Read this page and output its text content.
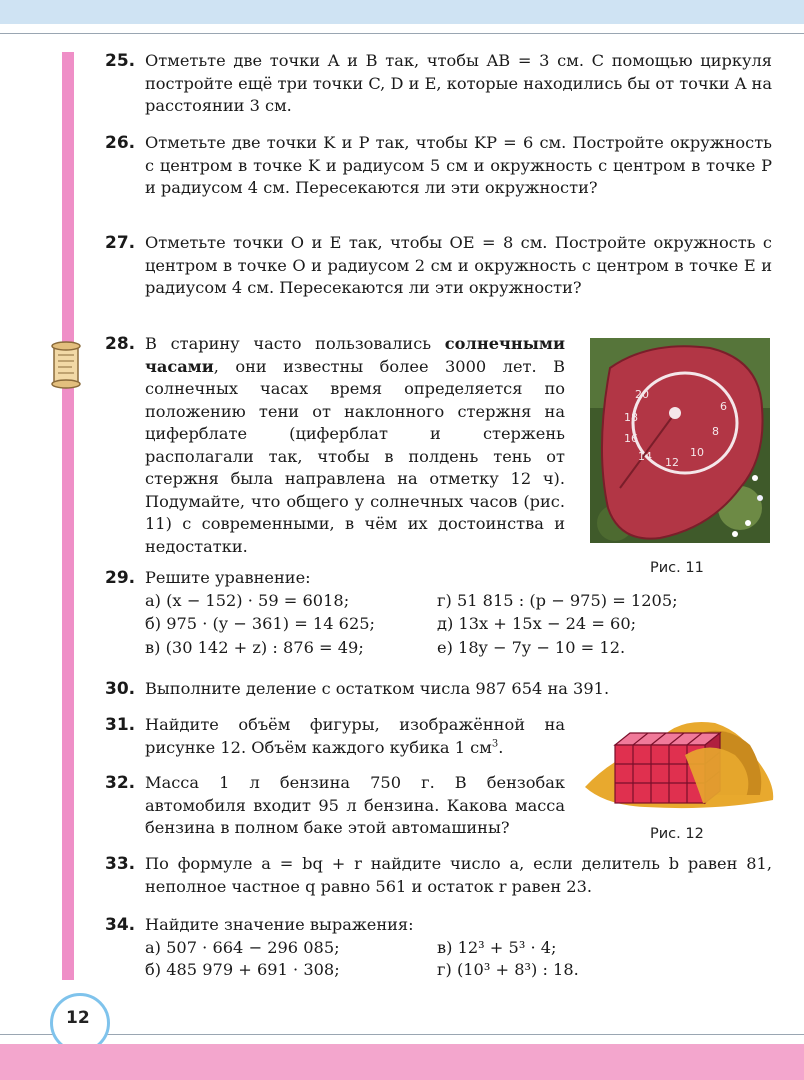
25. Отметьте две точки A и B так, чтобы AB = 3 см. С помощью циркуля постройте ещё три точки C, D и E, которые находились бы от точки A на расстоянии 3 см.
26. Отметьте две точки K и P так, чтобы KP = 6 см. Постройте окружность с центром в точке K и радиусом 5 см и окружность с центром в точке P и радиусом 4 см. Пересекаются ли эти окружности?
27. Отметьте точки O и E так, чтобы OE = 8 см. Постройте окружность с центром в точке O и радиусом 2 см и окружность с центром в точке E и радиусом 4 см. Пересекаются ли эти окружности?
28. В старину часто пользовались солнечными часами, они известны более 3000 лет. В солнечных часах время определяется по положению тени от наклонного стержня на циферблате (циферблат и стержень располагали так, чтобы в полдень тень от стержня была направлена на отметку 12 ч). Подумайте, что общего у солнечных часов (рис. 11) с современными, в чём их достоинства и недостатки.
20
18
16
14 12
10
8
6
Рис. 11
29. Решите уравнение:
а) (x − 152) · 59 = 6018;	г) 51 815 : (p − 975) = 1205;
б) 975 · (y − 361) = 14 625;	д) 13x + 15x − 24 = 60;
в) (30 142 + z) : 876 = 49;	е) 18y − 7y − 10 = 12.
30. Выполните деление с остатком числа 987 654 на 391.
31. Найдите объём фигуры, изображённой на рисунке 12. Объём каждого кубика 1 $см^3$.
32. Масса 1 л бензина 750 г. В бензобак автомобиля входит 95 л бензина. Какова масса бензина в полном баке этой автомашины?	Рис. 12
33. По формуле a = bq + r найдите число a, если делитель b равен 81, неполное частное q равно 561 и остаток r равен 23.
34. Найдите значение выражения:
а) 507 · 664 − 296 085;	в) 12³ + 5³ · 4;
б) 485 979 + 691 · 308;	г) (10³ + 8³) : 18.
12
